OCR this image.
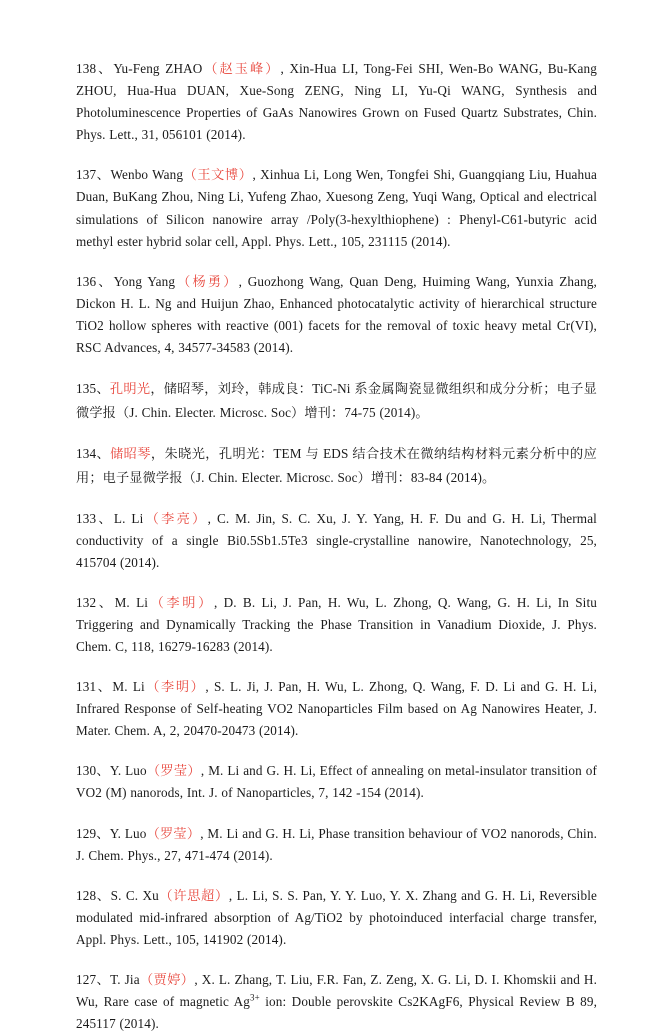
138、Yu-Feng ZHAO（赵玉峰）, Xin-Hua LI, Tong-Fei SHI, Wen-Bo WANG, Bu-Kang ZHOU, Hua-Hua DUAN, Xue-Song ZENG, Ning LI, Yu-Qi WANG, Synthesis and Photoluminescence Properties of GaAs Nanowires Grown on Fused Quartz Substrates, Chin. Phys. Lett., 31, 056101 (2014).

137、Wenbo Wang（王文博）, Xinhua Li, Long Wen, Tongfei Shi, Guangqiang Liu, Huahua Duan, BuKang Zhou, Ning Li, Yufeng Zhao, Xuesong Zeng, Yuqi Wang, Optical and electrical simulations of Silicon nanowire array /Poly(3-hexylthiophene) : Phenyl-C61-butyric acid methyl ester hybrid solar cell, Appl. Phys. Lett., 105, 231115 (2014).

136、Yong Yang（杨勇）, Guozhong Wang, Quan Deng, Huiming Wang, Yunxia Zhang, Dickon H. L. Ng and Huijun Zhao, Enhanced photocatalytic activity of hierarchical structure TiO2 hollow spheres with reactive (001) facets for the removal of toxic heavy metal Cr(VI), RSC Advances, 4, 34577-34583 (2014).

135、孔明光，储昭琴，刘玲，韩成良：TiC-Ni 系金属陶瓷显微组织和成分分析；电子显微学报（J. Chin. Electer. Microsc. Soc）增刊：74-75 (2014)。

134、储昭琴，朱晓光，孔明光：TEM 与 EDS 结合技术在微纳结构材料元素分析中的应用；电子显微学报（J. Chin. Electer. Microsc. Soc）增刊：83-84 (2014)。

133、L. Li（李亮）, C. M. Jin, S. C. Xu, J. Y. Yang, H. F. Du and G. H. Li, Thermal conductivity of a single Bi0.5Sb1.5Te3 single-crystalline nanowire, Nanotechnology, 25, 415704 (2014).

132、M. Li（李明）, D. B. Li, J. Pan, H. Wu, L. Zhong, Q. Wang, G. H. Li, In Situ Triggering and Dynamically Tracking the Phase Transition in Vanadium Dioxide, J. Phys. Chem. C, 118, 16279-16283 (2014).

131、M. Li（李明）, S. L. Ji, J. Pan, H. Wu, L. Zhong, Q. Wang, F. D. Li and G. H. Li, Infrared Response of Self-heating VO2 Nanoparticles Film based on Ag Nanowires Heater, J. Mater. Chem. A, 2, 20470-20473 (2014).

130、Y. Luo（罗莹）, M. Li and G. H. Li, Effect of annealing on metal-insulator transition of VO2 (M) nanorods, Int. J. of Nanoparticles, 7, 142 -154 (2014).

129、Y. Luo（罗莹）, M. Li and G. H. Li, Phase transition behaviour of VO2 nanorods, Chin. J. Chem. Phys., 27, 471-474 (2014).

128、S. C. Xu（许思超）, L. Li, S. S. Pan, Y. Y. Luo, Y. X. Zhang and G. H. Li, Reversible modulated mid-infrared absorption of Ag/TiO2 by photoinduced interfacial charge transfer, Appl. Phys. Lett., 105, 141902 (2014).

127、T. Jia（贾婷）, X. L. Zhang, T. Liu, F.R. Fan, Z. Zeng, X. G. Li, D. I. Khomskii and H. Wu, Rare case of magnetic $Ag^{3+}$ ion: Double perovskite Cs2KAgF6, Physical Review B 89, 245117 (2014).
